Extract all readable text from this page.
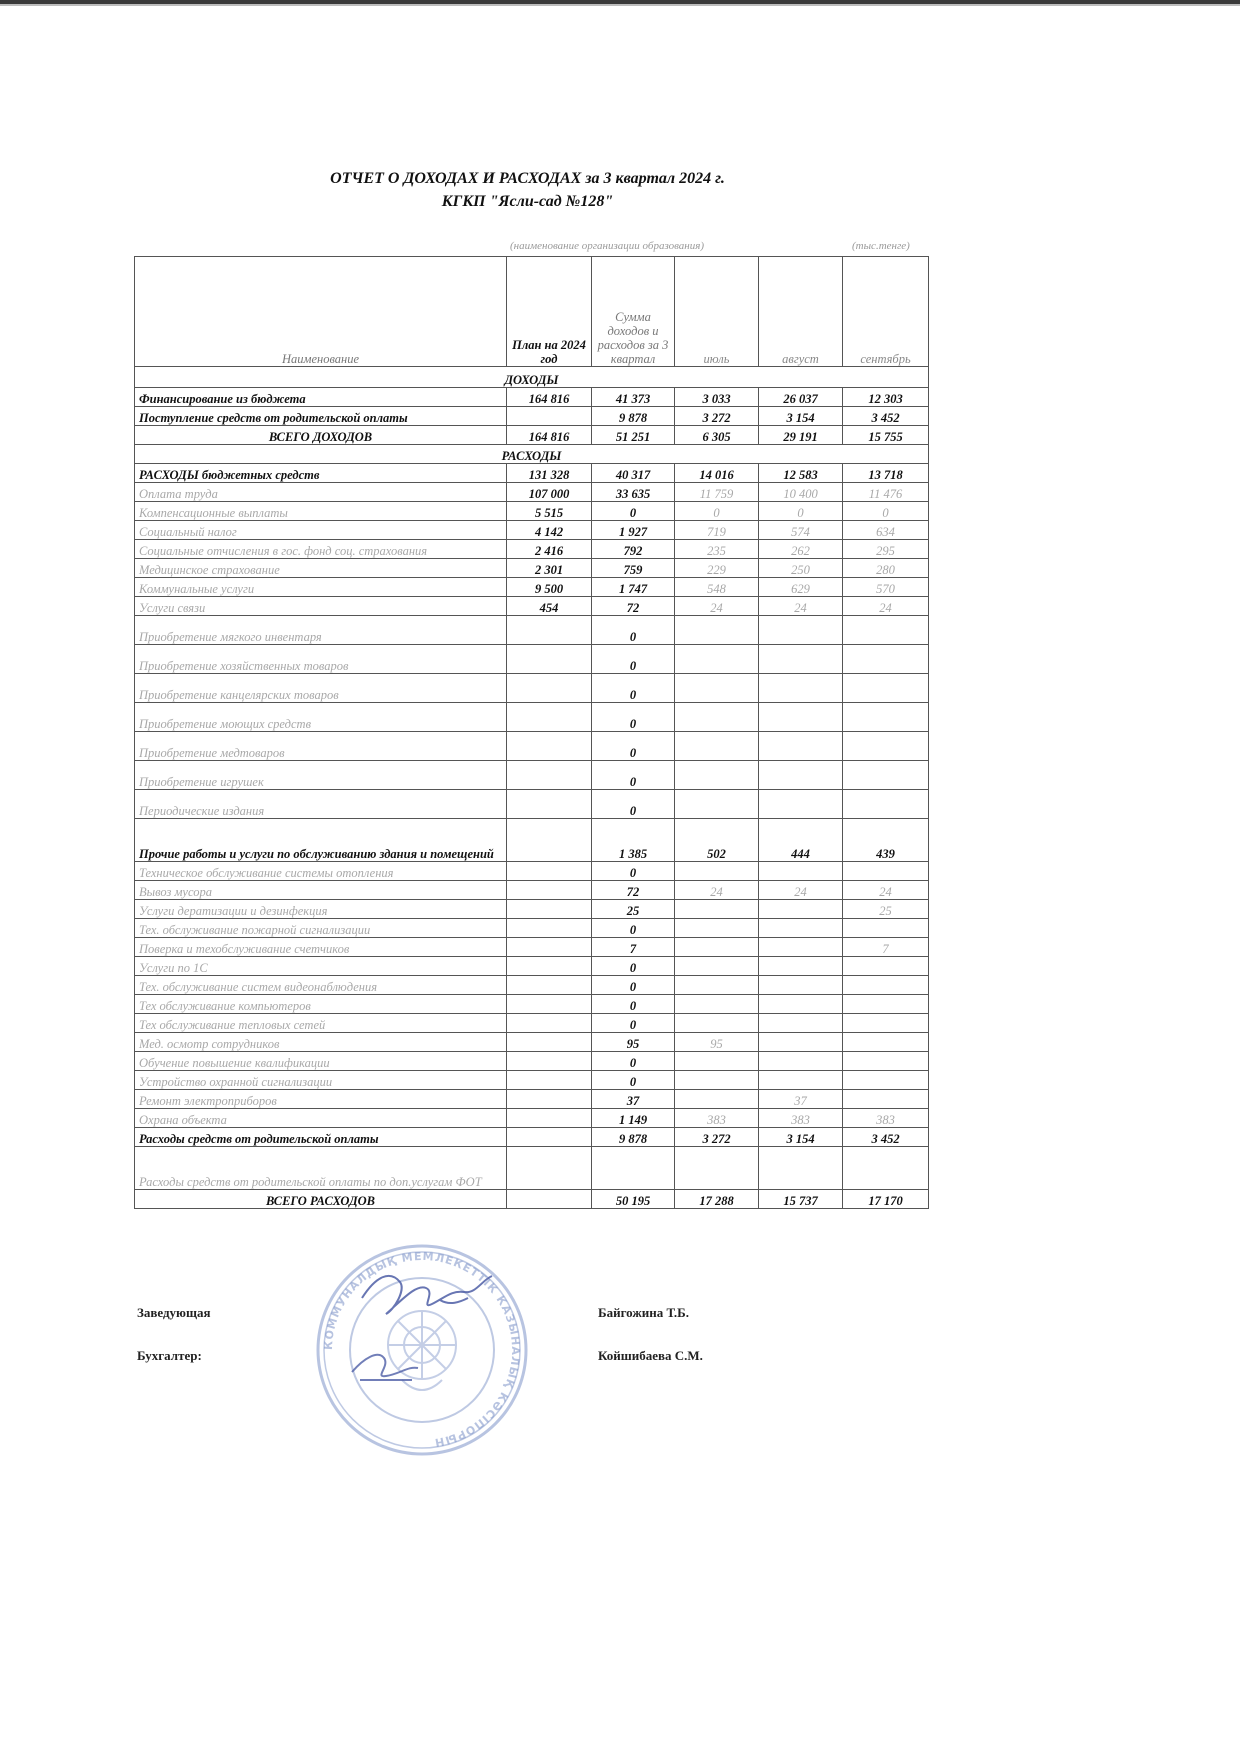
ОТЧЕТ О ДОХОДАХ И РАСХОДАХ за 3 квартал 2024 г.
КГКП "Ясли-сад №128"
(наименование организации образования)	(тыс.тенге)
Наименование	План на 2024 год	Сумма доходов и расходов за 3 квартал	июль	август	сентябрь
ДОХОДЫ					
Финансирование из бюджета	164 816	41 373	3 033	26 037	12 303
Поступление средств от родительской оплаты		9 878	3 272	3 154	3 452
ВСЕГО ДОХОДОВ	164 816	51 251	6 305	29 191	15 755
РАСХОДЫ					
РАСХОДЫ бюджетных средств	131 328	40 317	14 016	12 583	13 718
Оплата труда	107 000	33 635	11 759	10 400	11 476
Компенсационные выплаты	5 515	0	0	0	0
Социальный налог	4 142	1 927	719	574	634
Социальные отчисления в гос. фонд соц. страхования	2 416	792	235	262	295
Медицинское страхование	2 301	759	229	250	280
Коммунальные услуги	9 500	1 747	548	629	570
Услуги связи	454	72	24	24	24
Приобретение мягкого инвентаря		0			
Приобретение хозяйственных товаров		0			
Приобретение канцелярских товаров		0			
Приобретение моющих средств		0			
Приобретение медтоваров		0			
Приобретение игрушек		0			
Периодические издания		0			
Прочие работы и услуги по обслуживанию здания и помещений		1 385	502	444	439
Техническое обслуживание системы отопления		0			
Вывоз мусора		72	24	24	24
Услуги дератизации и дезинфекция		25			25
Тех. обслуживание пожарной сигнализации		0			
Поверка и техобслуживание счетчиков		7			7
Услуги по 1С		0			
Тех. обслуживание систем видеонаблюдения		0			
Тех обслуживание компьютеров		0			
Тех обслуживание тепловых сетей		0			
Мед. осмотр сотрудников		95	95		
Обучение повышение квалификации		0			
Устройство охранной сигнализации		0			
Ремонт электроприборов		37		37	
Охрана объекта		1 149	383	383	383
Расходы средств от родительской оплаты		9 878	3 272	3 154	3 452
Расходы средств от родительской оплаты по доп.услугам ФОТ					
ВСЕГО РАСХОДОВ		50 195	17 288	15 737	17 170
Заведующая	Байгожина Т.Б.
Бухгалтер:	Койшибаева С.М.
КОММУНАЛДЫҚ МЕМЛЕКЕТТІК КАЗЫНАЛЫҚ КӘСІПОРЫН
